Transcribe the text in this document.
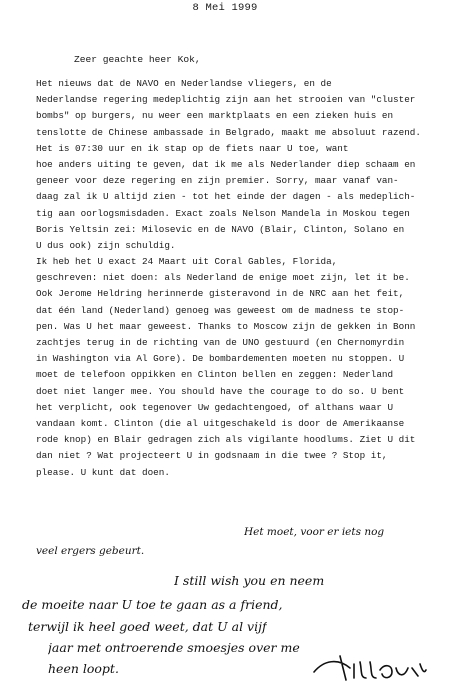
8 Mei 1999
Zeer geachte heer Kok,
Het nieuws dat de NAVO en Nederlandse vliegers, en de
Nederlandse regering medeplichtig zijn aan het strooien van "cluster
bombs" op burgers, nu weer een marktplaats en een zieken huis en
tenslotte de Chinese ambassade in Belgrado, maakt me absoluut razend.
Het is 07:30 uur en ik stap op de fiets naar U toe, want
hoe anders uiting te geven, dat ik me als Nederlander diep schaam en
geneer voor deze regering en zijn premier. Sorry, maar vanaf van-
daag zal ik U altijd zien - tot het einde der dagen - als medeplich-
tig aan oorlogsmisdaden. Exact zoals Nelson Mandela in Moskou tegen
Boris Yeltsin zei: Milosevic en de NAVO (Blair, Clinton, Solano en
U dus ook) zijn schuldig.
Ik heb het U exact 24 Maart uit Coral Gables, Florida,
geschreven: niet doen: als Nederland de enige moet zijn, let it be.
Ook Jerome Heldring herinnerde gisteravond in de NRC aan het feit,
dat één land (Nederland) genoeg was geweest om de madness te stop-
pen. Was U het maar geweest. Thanks to Moscow zijn de gekken in Bonn
zachtjes terug in de richting van de UNO gestuurd (en Chernomyrdin
in Washington via Al Gore). De bombardementen moeten nu stoppen. U
moet de telefoon oppikken en Clinton bellen en zeggen: Nederland
doet niet langer mee. You should have the courage to do so. U bent
het verplicht, ook tegenover Uw gedachtengoed, of althans waar U
vandaan komt. Clinton (die al uitgeschakeld is door de Amerikaanse
rode knop) en Blair gedragen zich als vigilante hoodlums. Ziet U dit
dan niet ? Wat projecteert U in godsnaam in die twee ? Stop it,
please. U kunt dat doen.
Het moet, voor er iets nog
veel ergers gebeurt.
I still wish you en neem
de moeite naar U toe te gaan as a friend,
terwijl ik heel goed weet, dat U al vijf
jaar met ontroerende smoesjes over me
heen loopt.
